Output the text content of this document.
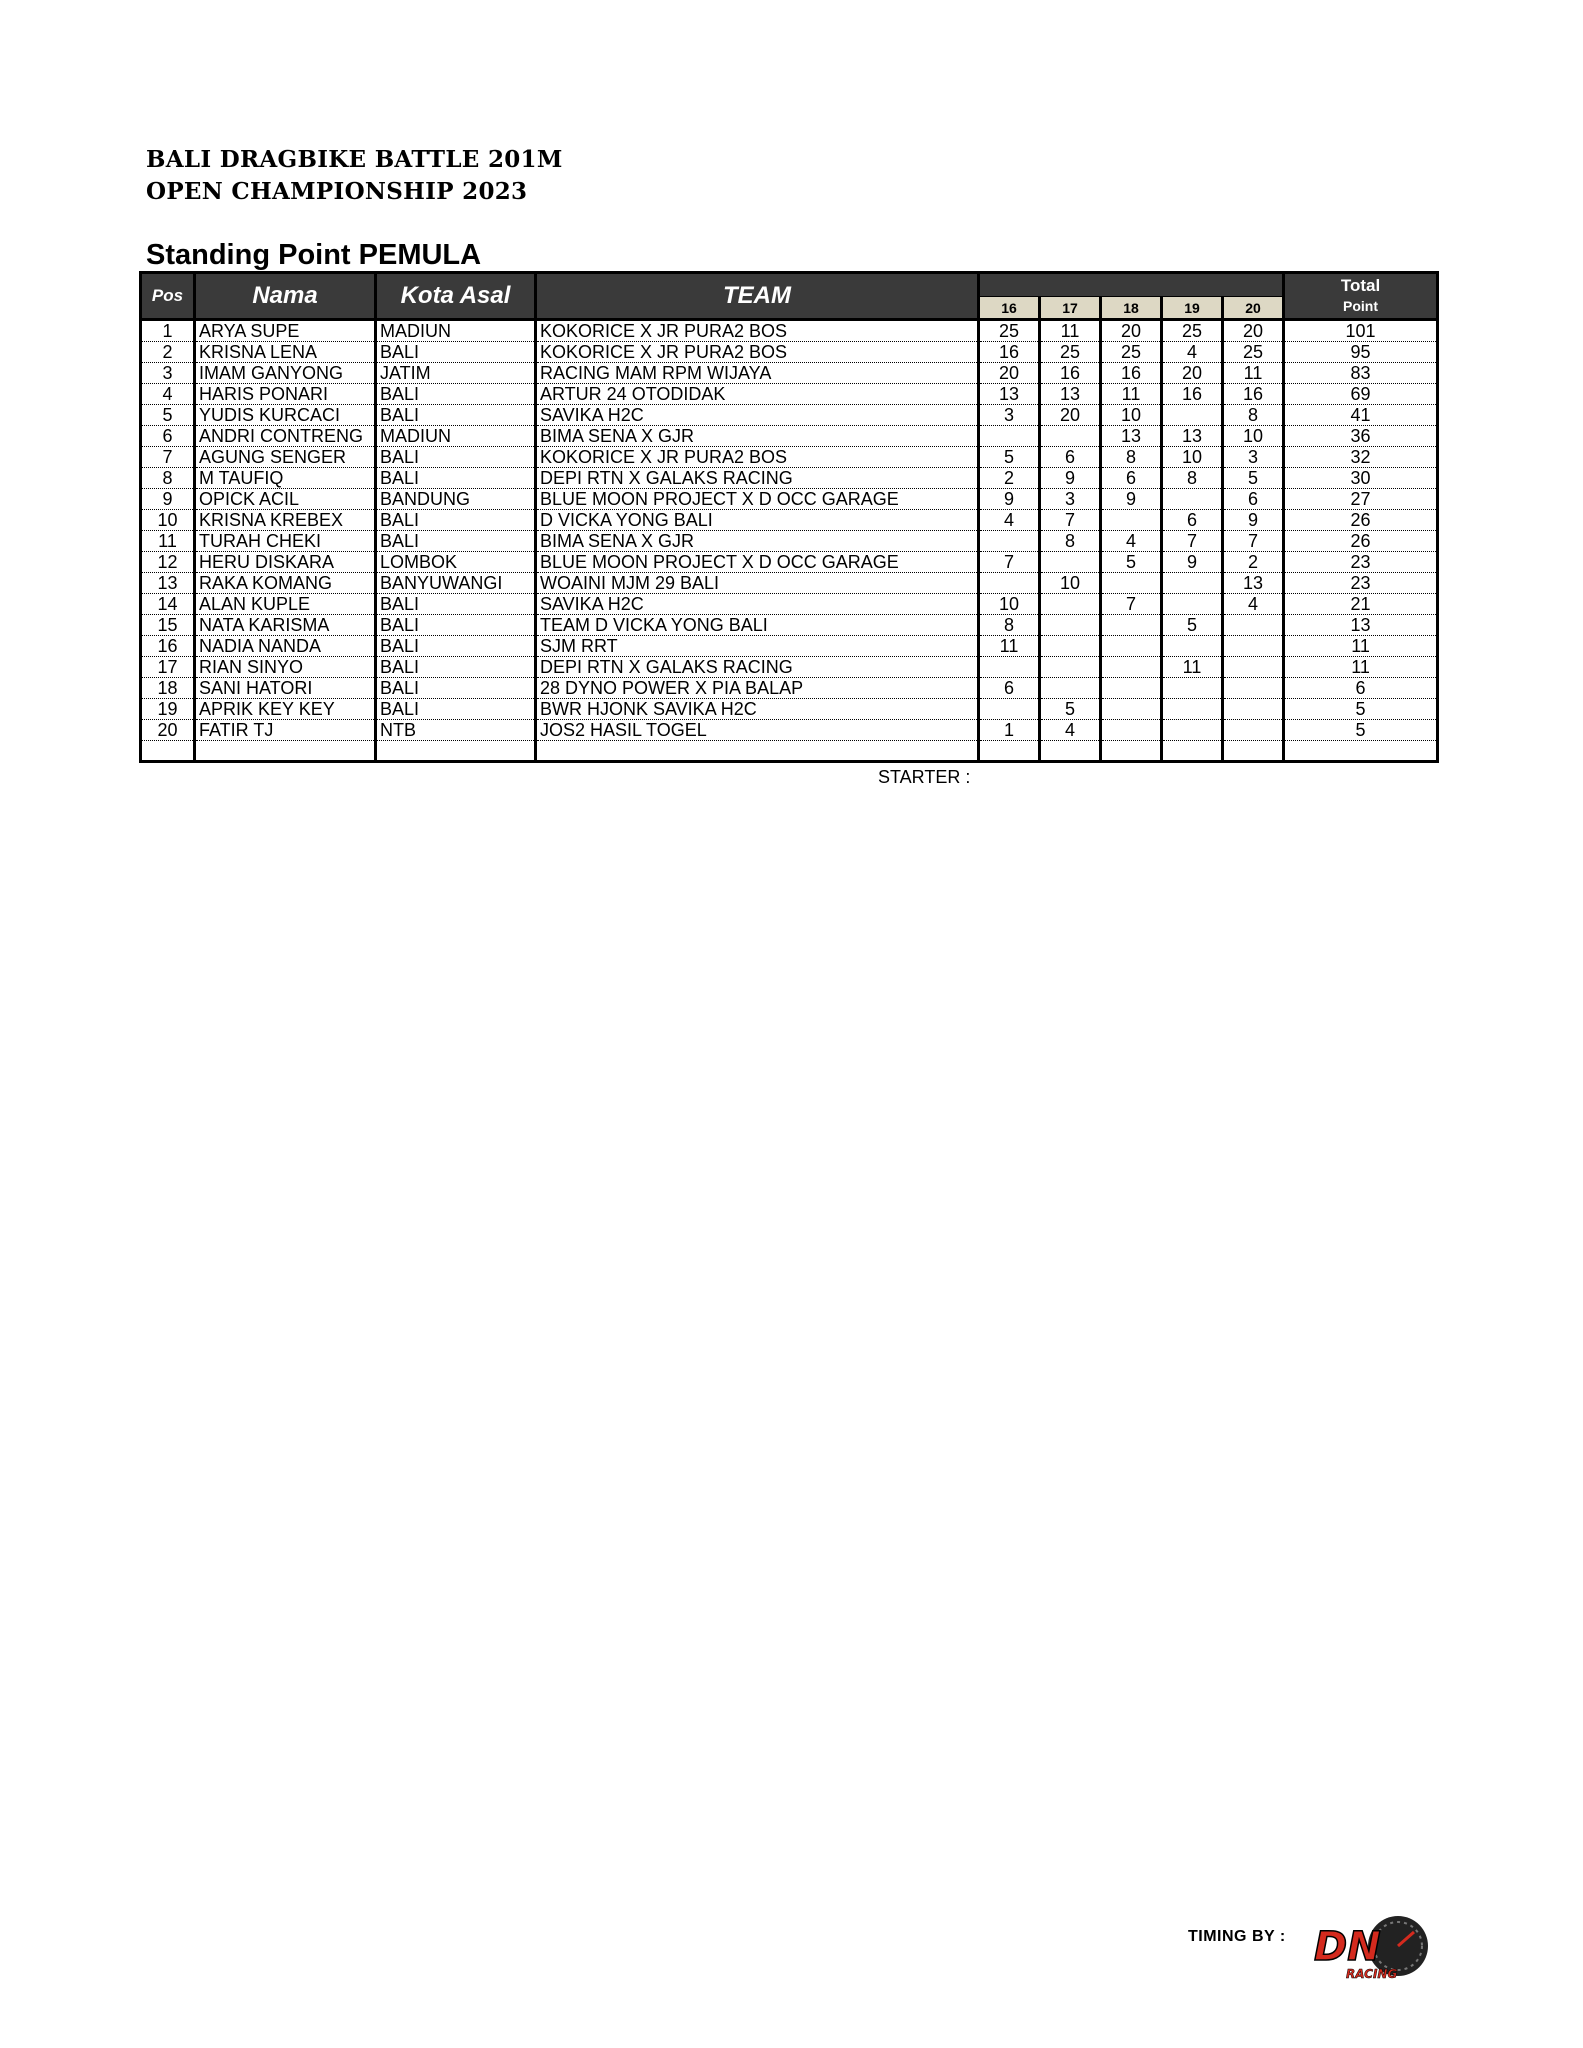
BALI DRAGBIKE BATTLE 201M
OPEN CHAMPIONSHIP 2023
Standing Point PEMULA
Pos	Nama	Kota Asal	TEAM						Total
Point

				16	17	18	19	20	
1	ARYA SUPE	MADIUN	KOKORICE X JR PURA2 BOS	25	11	20	25	20	101
2	KRISNA LENA	BALI	KOKORICE X JR PURA2 BOS	16	25	25	4	25	95
3	IMAM GANYONG	JATIM	RACING MAM RPM WIJAYA	20	16	16	20	11	83
4	HARIS PONARI	BALI	ARTUR 24 OTODIDAK	13	13	11	16	16	69
5	YUDIS KURCACI	BALI	SAVIKA H2C	3	20	10		8	41
6	ANDRI CONTRENG	MADIUN	BIMA SENA X GJR			13	13	10	36
7	AGUNG SENGER	BALI	KOKORICE X JR PURA2 BOS	5	6	8	10	3	32
8	M TAUFIQ	BALI	DEPI RTN X GALAKS RACING	2	9	6	8	5	30
9	OPICK ACIL	BANDUNG	BLUE MOON PROJECT X D OCC GARAGE	9	3	9		6	27
10	KRISNA KREBEX	BALI	D VICKA YONG BALI	4	7		6	9	26
11	TURAH CHEKI	BALI	BIMA SENA X GJR		8	4	7	7	26
12	HERU DISKARA	LOMBOK	BLUE MOON PROJECT X D OCC GARAGE	7		5	9	2	23
13	RAKA KOMANG	BANYUWANGI	WOAINI MJM 29 BALI		10			13	23
14	ALAN KUPLE	BALI	SAVIKA H2C	10		7		4	21
15	NATA KARISMA	BALI	TEAM D VICKA YONG BALI	8			5		13
16	NADIA NANDA	BALI	SJM RRT	11					11
17	RIAN SINYO	BALI	DEPI RTN X GALAKS RACING				11		11
18	SANI HATORI	BALI	28 DYNO POWER X PIA BALAP	6					6
19	APRIK KEY KEY	BALI	BWR HJONK SAVIKA H2C		5				5
20	FATIR TJ	NTB	JOS2 HASIL TOGEL	1	4				5

STARTER :
TIMING BY : DN
RACING
